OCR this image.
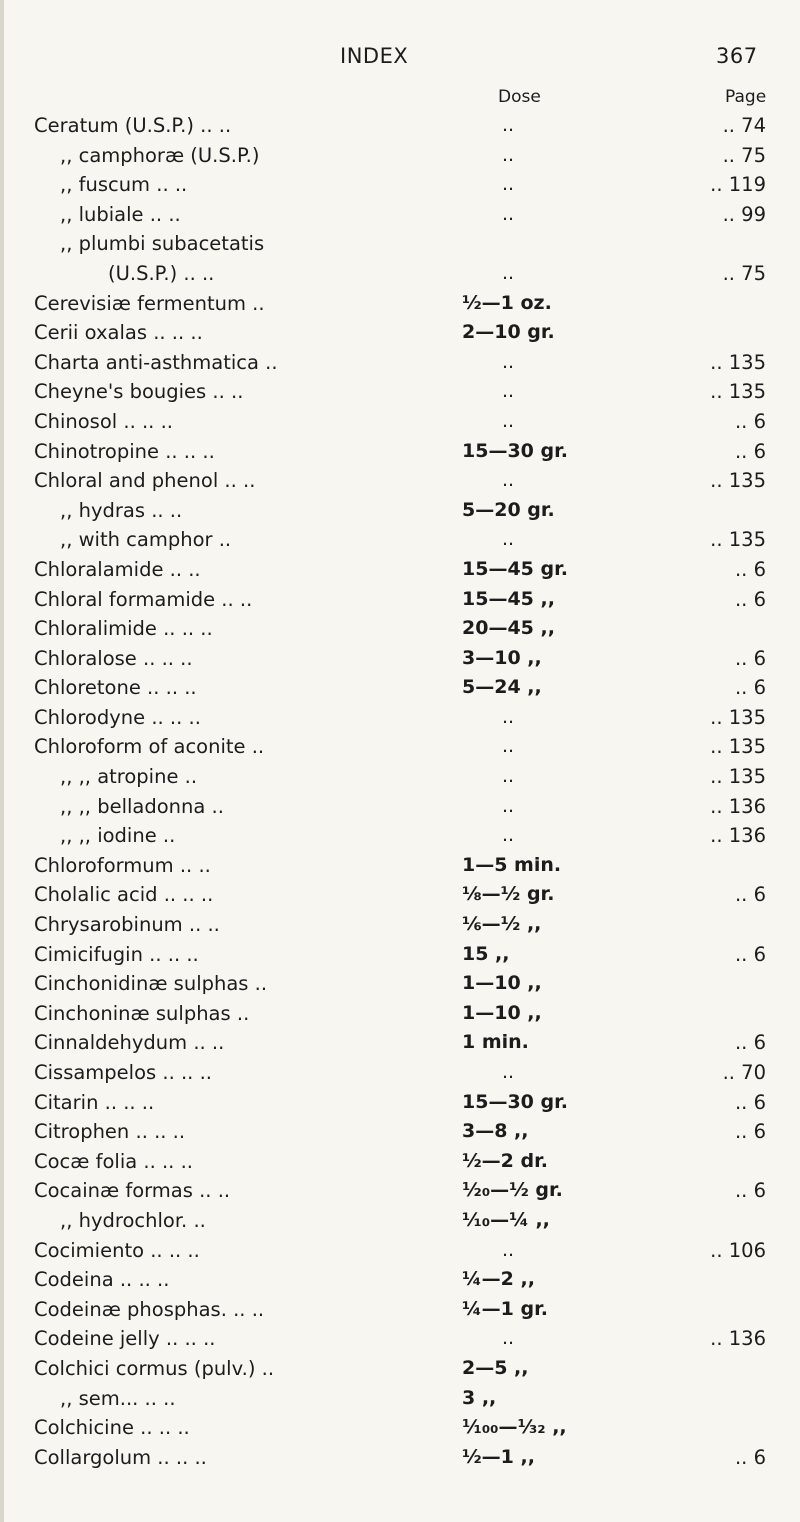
INDEX	367
Dose	Page
Ceratum (U.S.P.) .. ..	..	.. 74
,, camphoræ (U.S.P.)	..	.. 75
,, fuscum .. ..	..	.. 119
,, lubiale .. ..	..	.. 99
,, plumbi subacetatis
(U.S.P.) .. ..	..	.. 75
Cerevisiæ fermentum ..	½—1 oz.
Cerii oxalas .. .. ..	2—10 gr.
Charta anti-asthmatica ..	..	.. 135
Cheyne's bougies .. ..	..	.. 135
Chinosol .. .. ..	..	.. 6
Chinotropine .. .. ..	15—30 gr.	.. 6
Chloral and phenol .. ..	..	.. 135
,, hydras .. ..	5—20 gr.
,, with camphor ..	..	.. 135
Chloralamide .. ..	15—45 gr.	.. 6
Chloral formamide .. ..	15—45 ,,	.. 6
Chloralimide .. .. ..	20—45 ,,
Chloralose .. .. ..	3—10 ,,	.. 6
Chloretone .. .. ..	5—24 ,,	.. 6
Chlorodyne .. .. ..	..	.. 135
Chloroform of aconite ..	..	.. 135
,, ,, atropine ..	..	.. 135
,, ,, belladonna ..	..	.. 136
,, ,, iodine ..	..	.. 136
Chloroformum .. ..	1—5 min.
Cholalic acid .. .. ..	⅛—½ gr.	.. 6
Chrysarobinum .. ..	⅙—½ ,,
Cimicifugin .. .. ..	15 ,,	.. 6
Cinchonidinæ sulphas ..	1—10 ,,
Cinchoninæ sulphas ..	1—10 ,,
Cinnaldehydum .. ..	1 min.	.. 6
Cissampelos .. .. ..	..	.. 70
Citarin .. .. ..	15—30 gr.	.. 6
Citrophen .. .. ..	3—8 ,,	.. 6
Cocæ folia .. .. ..	½—2 dr.
Cocainæ formas .. ..	¹⁄₂₀—½ gr.	.. 6
,, hydrochlor. ..	⅒—¼ ,,
Cocimiento .. .. ..	..	.. 106
Codeina .. .. ..	¼—2 ,,
Codeinæ phosphas. .. ..	¼—1 gr.
Codeine jelly .. .. ..	..	.. 136
Colchici cormus (pulv.) ..	2—5 ,,
,, sem... .. ..	3 ,,
Colchicine .. .. ..	¹⁄₁₀₀—¹⁄₃₂ ,,
Collargolum .. .. ..	½—1 ,,	.. 6
